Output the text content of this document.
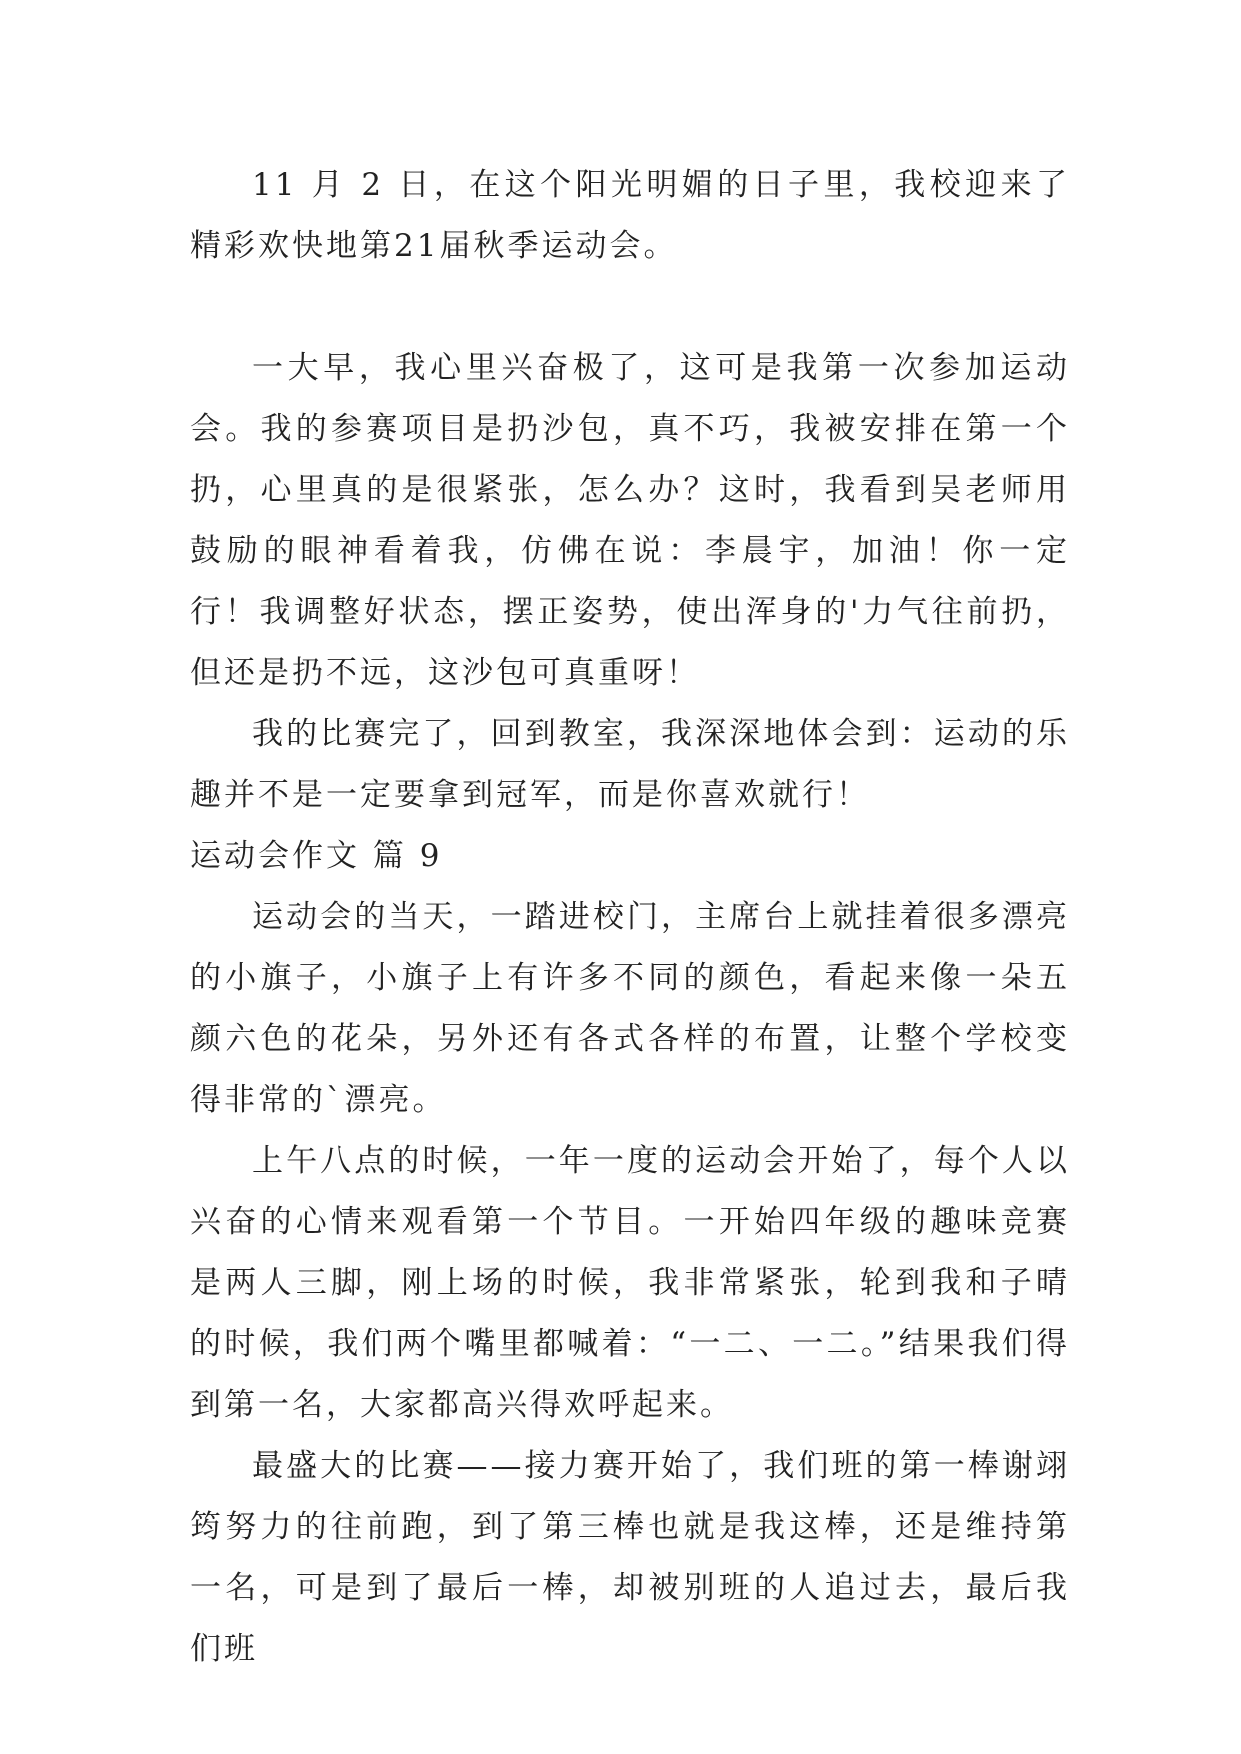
11 月 2 日，在这个阳光明媚的日子里，我校迎来了精彩欢快地第21届秋季运动会。

一大早，我心里兴奋极了，这可是我第一次参加运动会。我的参赛项目是扔沙包，真不巧，我被安排在第一个扔，心里真的是很紧张，怎么办？这时，我看到吴老师用鼓励的眼神看着我，仿佛在说：李晨宇，加油！你一定行！我调整好状态，摆正姿势，使出浑身的'力气往前扔，但还是扔不远，这沙包可真重呀！

我的比赛完了，回到教室，我深深地体会到：运动的乐趣并不是一定要拿到冠军，而是你喜欢就行！

运动会作文 篇 9

运动会的当天，一踏进校门，主席台上就挂着很多漂亮的小旗子，小旗子上有许多不同的颜色，看起来像一朵五颜六色的花朵，另外还有各式各样的布置，让整个学校变得非常的`漂亮。

上午八点的时候，一年一度的运动会开始了，每个人以兴奋的心情来观看第一个节目。一开始四年级的趣味竞赛是两人三脚，刚上场的时候，我非常紧张，轮到我和子晴的时候，我们两个嘴里都喊着：“一二、一二。”结果我们得到第一名，大家都高兴得欢呼起来。

最盛大的比赛——接力赛开始了，我们班的第一棒谢翊筠努力的往前跑，到了第三棒也就是我这棒，还是维持第一名，可是到了最后一棒，却被别班的人追过去，最后我们班
